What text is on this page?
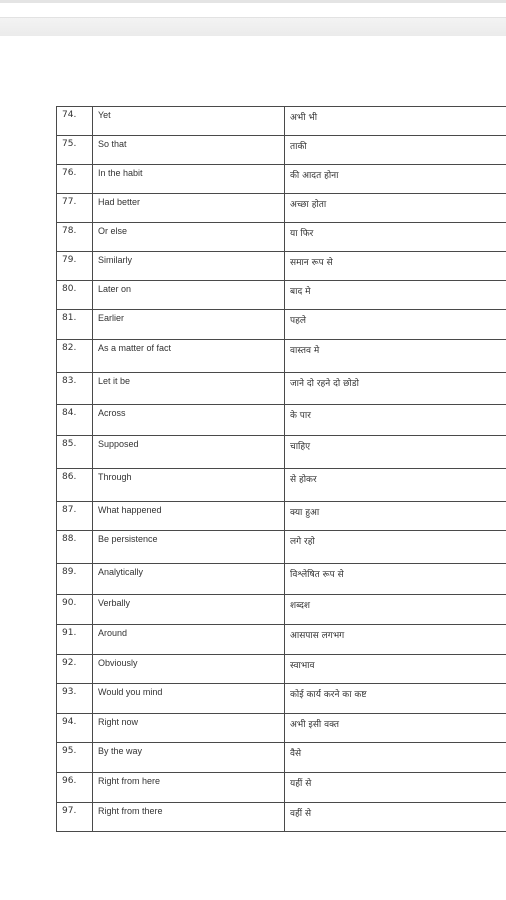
74.	Yet	अभी भी
75.	So that	ताकी
76.	In the habit	की आदत होना
77.	Had better	अच्छा होता
78.	Or else	या फिर
79.	Similarly	समान रूप से
80.	Later on	बाद मे
81.	Earlier	पहले
82.	As a matter of fact	वास्तव मे
83.	Let it be	जाने दो रहने दो छोडो
84.	Across	के पार
85.	Supposed	चाहिए
86.	Through	से होकर
87.	What happened	क्या हुआ
88.	Be persistence	लगे रहो
89.	Analytically	विश्लेषित रूप से
90.	Verbally	शब्दश
91.	Around	आसपास लगभग
92.	Obviously	स्वाभाव
93.	Would you mind	कोई कार्य करने का कष्ट
94.	Right now	अभी इसी वक्त
95.	By the way	वैसे
96.	Right from here	यहीं से
97.	Right from there	वहीं से
